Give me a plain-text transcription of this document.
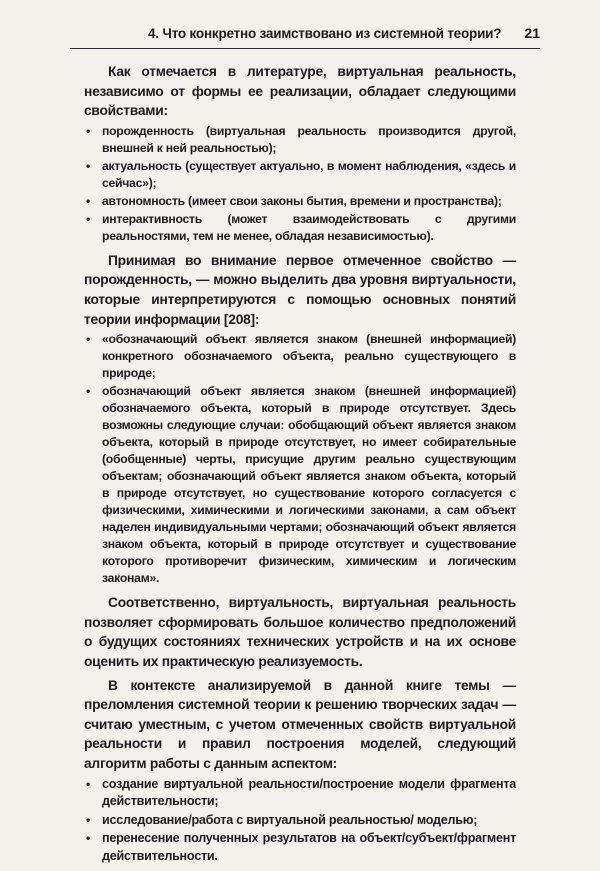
4. Что конкретно заимствовано из системной теории? 21

Как отмечается в литературе, виртуальная реальность, независимо от формы ее реализации, обладает следующими свойствами:

• порожденность (виртуальная реальность производится другой, внешней к ней реальностью);
• актуальность (существует актуально, в момент наблюдения, «здесь и сейчас»);
• автономность (имеет свои законы бытия, времени и пространства);
• интерактивность (может взаимодействовать с другими реальностями, тем не менее, обладая независимостью).

Принимая во внимание первое отмеченное свойство — порожденность, — можно выделить два уровня виртуальности, которые интерпретируются с помощью основных понятий теории информации [208]:

• «обозначающий объект является знаком (внешней информацией) конкретного обозначаемого объекта, реально существующего в природе;
• обозначающий объект является знаком (внешней информацией) обозначаемого объекта, который в природе отсутствует. Здесь возможны следующие случаи: обобщающий объект является знаком объекта, который в природе отсутствует, но имеет собирательные (обобщенные) черты, присущие другим реально существующим объектам; обозначающий объект является знаком объекта, который в природе отсутствует, но существование которого согласуется с физическими, химическими и логическими законами, а сам объект наделен индивидуальными чертами; обозначающий объект является знаком объекта, который в природе отсутствует и существование которого противоречит физическим, химическим и логическим законам».

Соответственно, виртуальность, виртуальная реальность позволяет сформировать большое количество предположений о будущих состояниях технических устройств и на их основе оценить их практическую реализуемость.

В контексте анализируемой в данной книге темы — преломления системной теории к решению творческих задач — считаю уместным, с учетом отмеченных свойств виртуальной реальности и правил построения моделей, следующий алгоритм работы с данным аспектом:

• создание виртуальной реальности/построение модели фрагмента действительности;
• исследование/работа с виртуальной реальностью/ моделью;
• перенесение полученных результатов на объект/субъект/фрагмент действительности.
